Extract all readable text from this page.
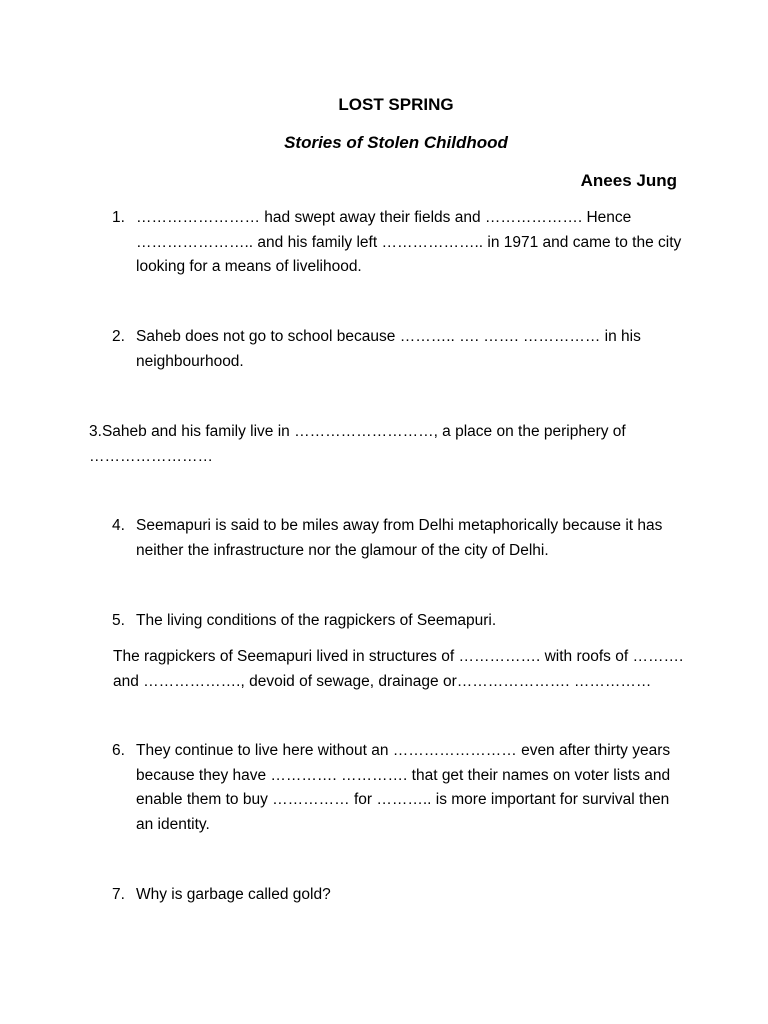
LOST SPRING
Stories of Stolen Childhood
Anees Jung
1. …………………… had swept away their fields and ………………. Hence ………………….. and his family left ……………….. in 1971 and came to the city looking for a means of livelihood.
2. Saheb does not go to school because ……….. …. ……. …………… in his neighbourhood.
3.Saheb and his family live in ………………………, a place on the periphery of ……………………
4. Seemapuri is said to be miles away from Delhi metaphorically because it has neither the infrastructure nor the glamour of the city of Delhi.
5. The living conditions of the ragpickers of Seemapuri.
The ragpickers of Seemapuri lived in structures of ……………. with roofs of ………. and ………………., devoid of sewage, drainage or…………………. ……………
6. They continue to live here without an …………………… even after thirty years because they have …………. …………. that get their names on voter lists and enable them to buy …………… for ……….. is more important for survival then an identity.
7. Why is garbage called gold?
